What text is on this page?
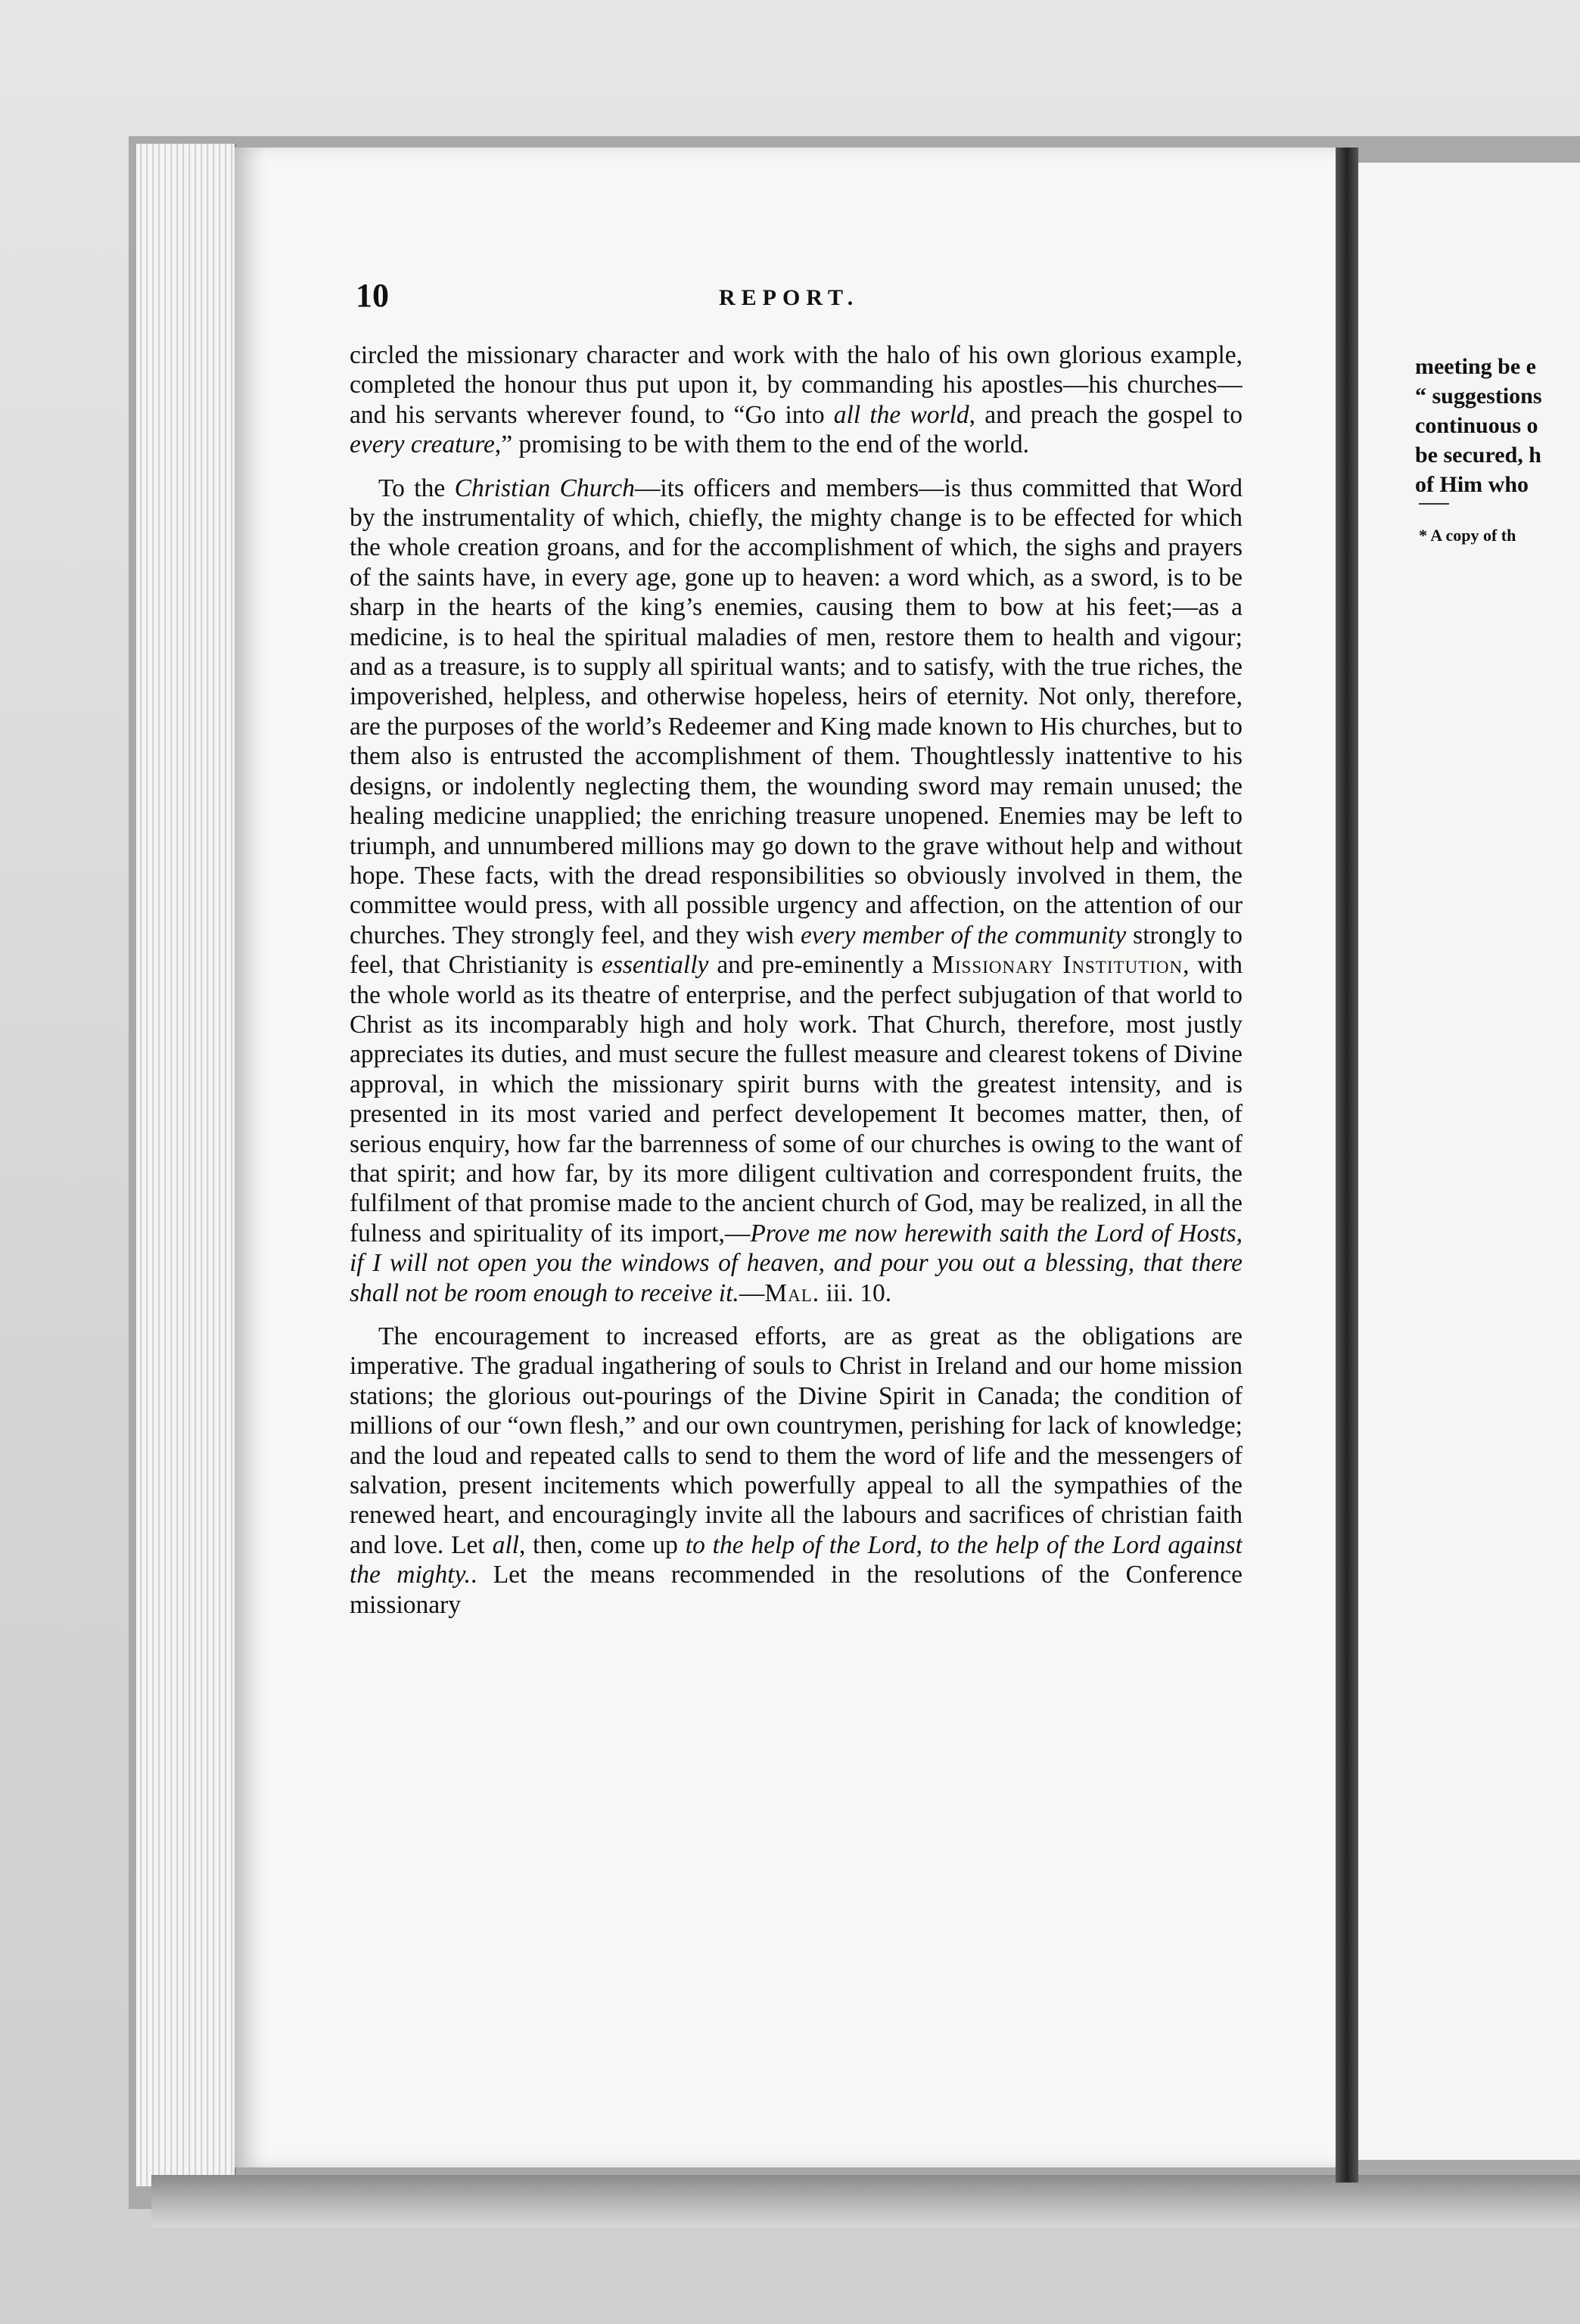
10	REPORT.

circled the missionary character and work with the halo of his own glorious example, completed the honour thus put upon it, by commanding his apostles—his churches—and his servants wherever found, to “Go into all the world, and preach the gospel to every creature,” promising to be with them to the end of the world.

To the Christian Church—its officers and members—is thus committed that Word by the instrumentality of which, chiefly, the mighty change is to be effected for which the whole creation groans, and for the accomplishment of which, the sighs and prayers of the saints have, in every age, gone up to heaven: a word which, as a sword, is to be sharp in the hearts of the king’s enemies, causing them to bow at his feet;—as a medicine, is to heal the spiritual maladies of men, restore them to health and vigour; and as a treasure, is to supply all spiritual wants; and to satisfy, with the true riches, the impoverished, helpless, and otherwise hopeless, heirs of eternity. Not only, therefore, are the purposes of the world’s Redeemer and King made known to His churches, but to them also is entrusted the accomplishment of them. Thoughtlessly inattentive to his designs, or indolently neglecting them, the wounding sword may remain unused; the healing medicine unapplied; the enriching treasure unopened. Enemies may be left to triumph, and unnumbered millions may go down to the grave without help and without hope. These facts, with the dread responsibilities so obviously involved in them, the committee would press, with all possible urgency and affection, on the attention of our churches. They strongly feel, and they wish every member of the community strongly to feel, that Christianity is essentially and pre-eminently a Missionary Institution, with the whole world as its theatre of enterprise, and the perfect subjugation of that world to Christ as its incomparably high and holy work. That Church, therefore, most justly appreciates its duties, and must secure the fullest measure and clearest tokens of Divine approval, in which the missionary spirit burns with the greatest intensity, and is presented in its most varied and perfect developement It becomes matter, then, of serious enquiry, how far the barrenness of some of our churches is owing to the want of that spirit; and how far, by its more diligent cultivation and correspondent fruits, the fulfilment of that promise made to the ancient church of God, may be realized, in all the fulness and spirituality of its import,—Prove me now herewith saith the Lord of Hosts, if I will not open you the windows of heaven, and pour you out a blessing, that there shall not be room enough to receive it.—Mal. iii. 10.

The encouragement to increased efforts, are as great as the obligations are imperative. The gradual ingathering of souls to Christ in Ireland and our home mission stations; the glorious out-pourings of the Divine Spirit in Canada; the condition of millions of our “own flesh,” and our own countrymen, perishing for lack of knowledge; and the loud and repeated calls to send to them the word of life and the messengers of salvation, present incitements which powerfully appeal to all the sympathies of the renewed heart, and encouragingly invite all the labours and sacrifices of christian faith and love. Let all, then, come up to the help of the Lord, to the help of the Lord against the mighty.. Let the means recommended in the resolutions of the Conference missionary

meeting be e
“ suggestions
continuous o
be secured, h
of Him who
* A copy of th
